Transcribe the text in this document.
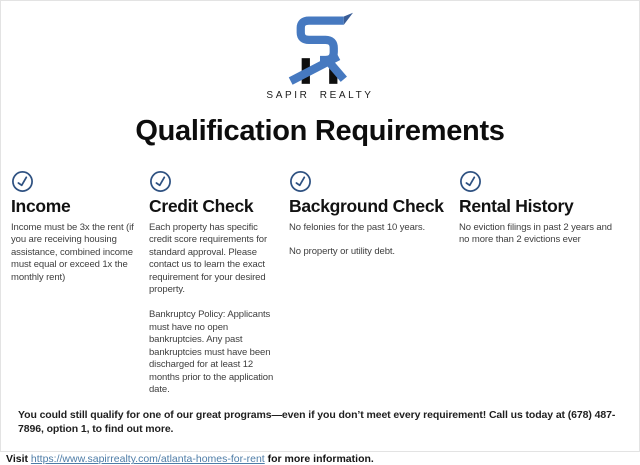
SAPIR REALTY
Qualification Requirements
Income

Income must be 3x the rent (if you are receiving housing assistance, combined income must equal or exceed 1x the monthly rent)

Credit Check

Each property has specific credit score requirements for standard approval. Please contact us to learn the exact requirement for your desired property.

Bankruptcy Policy: Applicants must have no open bankruptcies. Any past bankruptcies must have been discharged for at least 12 months prior to the application date.

Background Check

No felonies for the past 10 years.

No property or utility debt.

Rental History

No eviction filings in past 2 years and no more than 2 evictions ever

You could still qualify for one of our great programs—even if you don’t meet every requirement! Call us today at (678) 487-7896, option 1, to find out more.

Visit https://www.sapirrealty.com/atlanta-homes-for-rent for more information.
